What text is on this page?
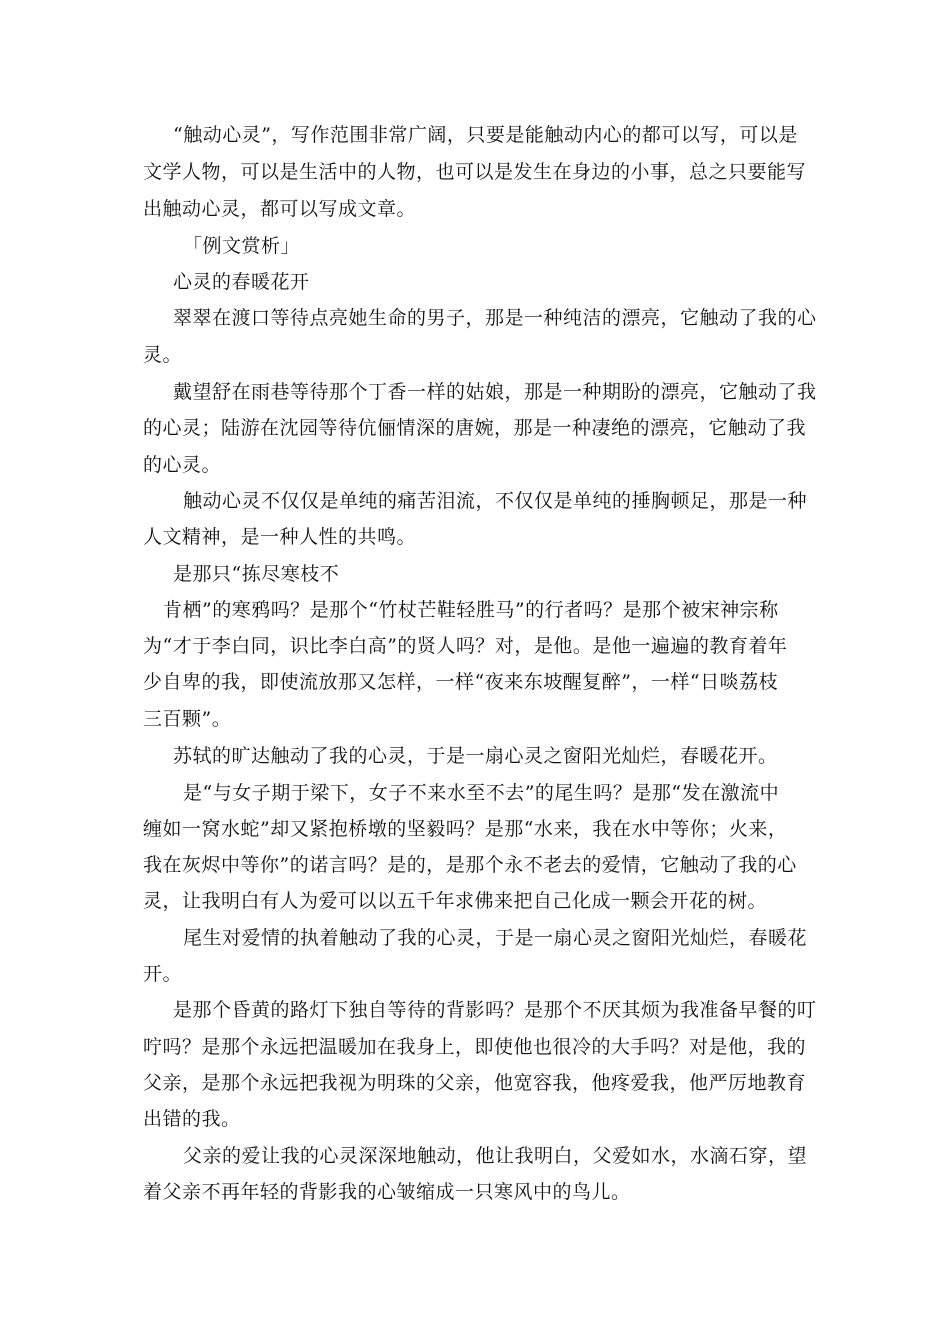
“触动心灵”，写作范围非常广阔，只要是能触动内心的都可以写，可以是
文学人物，可以是生活中的人物，也可以是发生在身边的小事，总之只要能写
出触动心灵，都可以写成文章。
「例文赏析」
心灵的春暖花开
翠翠在渡口等待点亮她生命的男子，那是一种纯洁的漂亮，它触动了我的心
灵。
戴望舒在雨巷等待那个丁香一样的姑娘，那是一种期盼的漂亮，它触动了我
的心灵；陆游在沈园等待伉俪情深的唐婉，那是一种凄绝的漂亮，它触动了我
的心灵。
触动心灵不仅仅是单纯的痛苦泪流，不仅仅是单纯的捶胸顿足，那是一种
人文精神，是一种人性的共鸣。
是那只“拣尽寒枝不
肯栖”的寒鸦吗？是那个“竹杖芒鞋轻胜马”的行者吗？是那个被宋神宗称
为“才于李白同，识比李白高”的贤人吗？对，是他。是他一遍遍的教育着年
少自卑的我，即使流放那又怎样，一样“夜来东坡醒复醉”，一样“日啖荔枝
三百颗”。
苏轼的旷达触动了我的心灵，于是一扇心灵之窗阳光灿烂，春暖花开。
是“与女子期于梁下，女子不来水至不去”的尾生吗？是那“发在激流中
缠如一窝水蛇”却又紧抱桥墩的坚毅吗？是那“水来，我在水中等你；火来，
我在灰烬中等你”的诺言吗？是的，是那个永不老去的爱情，它触动了我的心
灵，让我明白有人为爱可以以五千年求佛来把自己化成一颗会开花的树。
尾生对爱情的执着触动了我的心灵，于是一扇心灵之窗阳光灿烂，春暖花
开。
是那个昏黄的路灯下独自等待的背影吗？是那个不厌其烦为我准备早餐的叮
咛吗？是那个永远把温暖加在我身上，即使他也很冷的大手吗？对是他，我的
父亲，是那个永远把我视为明珠的父亲，他宽容我，他疼爱我，他严厉地教育
出错的我。
父亲的爱让我的心灵深深地触动，他让我明白，父爱如水，水滴石穿，望
着父亲不再年轻的背影我的心皱缩成一只寒风中的鸟儿。
